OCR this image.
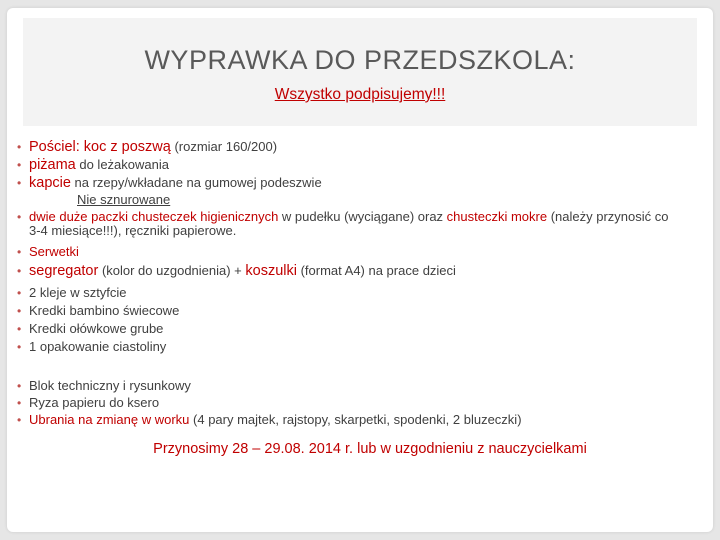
WYPRAWKA DO PRZEDSZKOLA:
Wszystko podpisujemy!!!
• Pościel: koc z poszwą (rozmiar 160/200)
• piżama do leżakowania
• kapcie na rzepy/wkładane na gumowej podeszwie
Nie sznurowane
• dwie duże paczki chusteczek higienicznych w pudełku (wyciągane) oraz chusteczki mokre (należy przynosić co 3-4 miesiące!!!), ręczniki papierowe.
• Serwetki
• segregator (kolor do uzgodnienia) + koszulki (format A4) na prace dzieci
• 2 kleje w sztyfcie
• Kredki bambino świecowe
• Kredki ołówkowe grube
• 1 opakowanie ciastoliny
• Blok techniczny i rysunkowy
• Ryza papieru do ksero
• Ubrania na zmianę w worku (4 pary majtek, rajstopy, skarpetki, spodenki, 2 bluzeczki)
Przynosimy 28 – 29.08. 2014 r. lub w uzgodnieniu z nauczycielkami
